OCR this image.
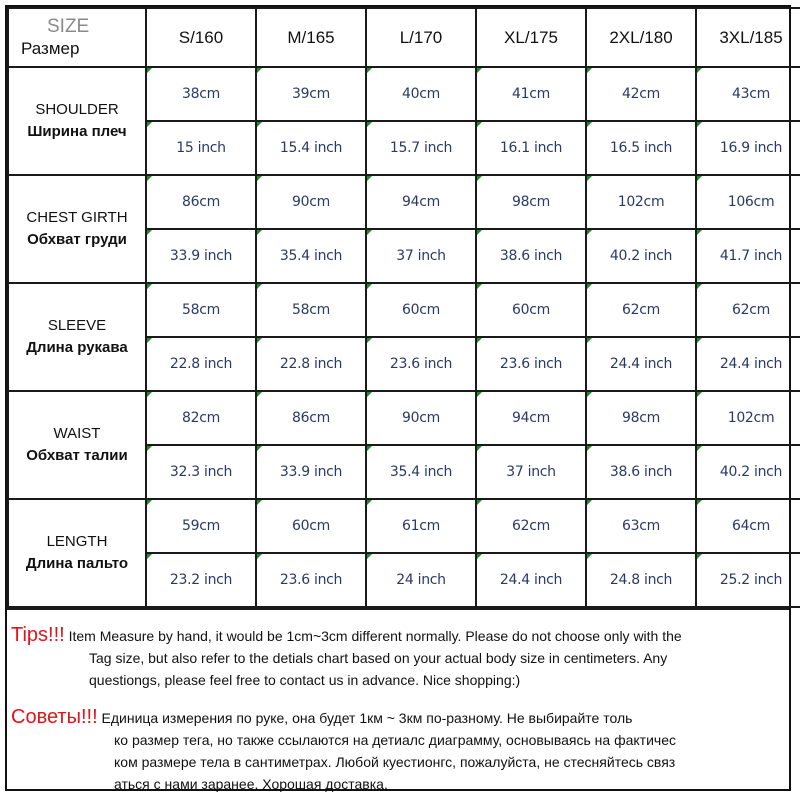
SIZE
Размер	S/160	M/165	L/170	XL/175	2XL/180	3XL/185

SHOULDER
Ширина плеч	38cm	39cm	40cm	41cm	42cm	43cm
	15 inch	15.4 inch	15.7 inch	16.1 inch	16.5 inch	16.9 inch

CHEST GIRTH
Обхват груди	86cm	90cm	94cm	98cm	102cm	106cm
	33.9 inch	35.4 inch	37 inch	38.6 inch	40.2 inch	41.7 inch

SLEEVE
Длина рукава	58cm	58cm	60cm	60cm	62cm	62cm
	22.8 inch	22.8 inch	23.6 inch	23.6 inch	24.4 inch	24.4 inch

WAIST
Обхват талии	82cm	86cm	90cm	94cm	98cm	102cm
	32.3 inch	33.9 inch	35.4 inch	37 inch	38.6 inch	40.2 inch

LENGTH
Длина пальто	59cm	60cm	61cm	62cm	63cm	64cm
	23.2 inch	23.6 inch	24 inch	24.4 inch	24.8 inch	25.2 inch
Tips!!! Item Measure by hand, it would be 1cm~3cm different normally. Please do not choose only with the
Tag size, but also refer to the detials chart based on your actual body size in centimeters. Any
questiongs, please feel free to contact us in advance. Nice shopping:)
Советы!!! Единица измерения по руке, она будет 1км ~ 3км по-разному. Не выбирайте толь
ко размер тега, но также ссылаются на детиалс диаграмму, основываясь на фактичес
ком размере тела в сантиметрах. Любой куестионгс, пожалуйста, не стесняйтесь связ
аться с нами заранее. Хорошая доставка.
